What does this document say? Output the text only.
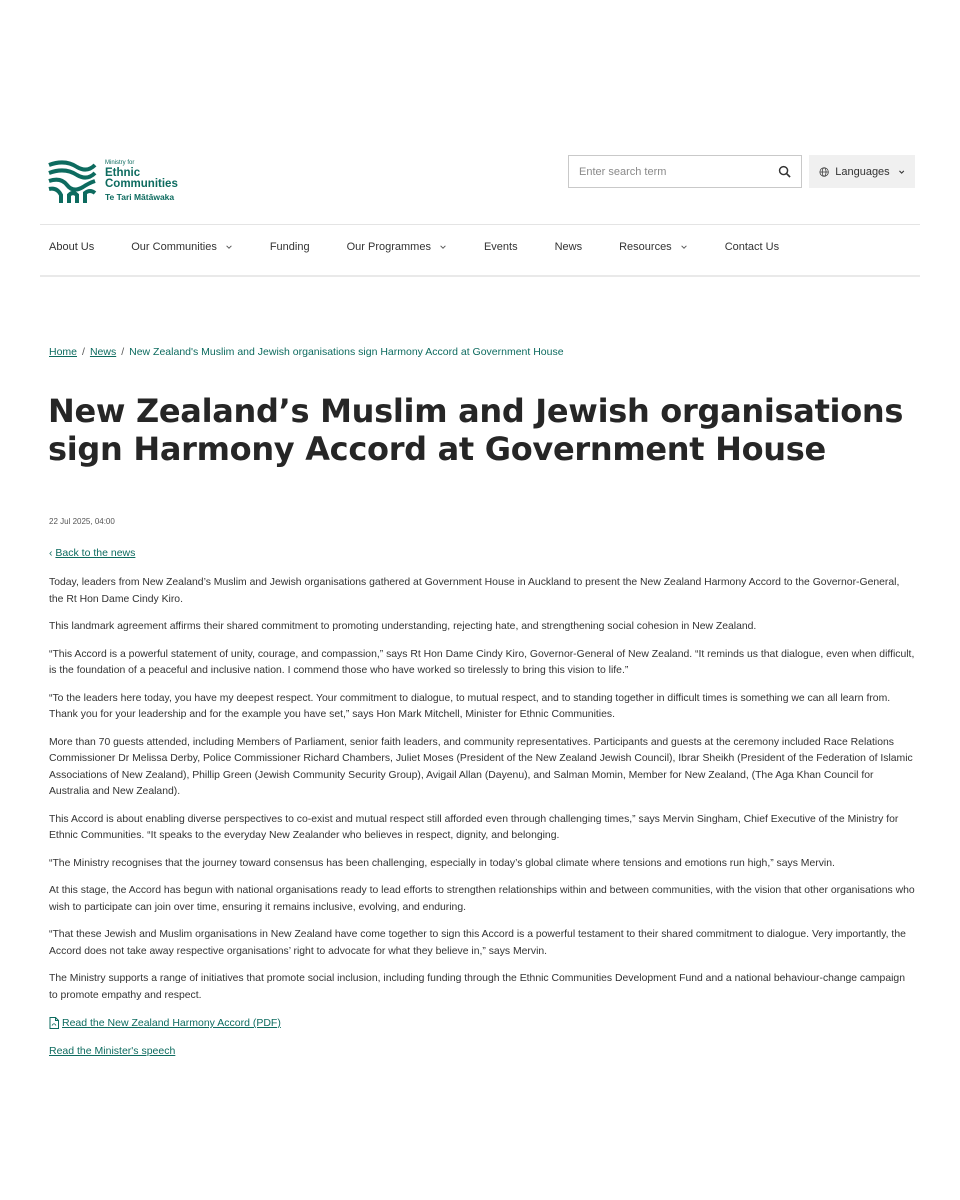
Ministry for
Ethnic
Communities
Te Tari Mātāwaka
Enter search term
Languages
About Us	Our Communities	Funding	Our Programmes	Events	News	Resources	Contact Us
Home / News / New Zealand's Muslim and Jewish organisations sign Harmony Accord at Government House
New Zealand’s Muslim and Jewish organisations sign Harmony Accord at Government House
22 Jul 2025, 04:00
‹ Back to the news

Today, leaders from New Zealand’s Muslim and Jewish organisations gathered at Government House in Auckland to present the New Zealand Harmony Accord to the Governor-General, the Rt Hon Dame Cindy Kiro.

This landmark agreement affirms their shared commitment to promoting understanding, rejecting hate, and strengthening social cohesion in New Zealand.

“This Accord is a powerful statement of unity, courage, and compassion,” says Rt Hon Dame Cindy Kiro, Governor-General of New Zealand. “It reminds us that dialogue, even when difficult, is the foundation of a peaceful and inclusive nation. I commend those who have worked so tirelessly to bring this vision to life.”

“To the leaders here today, you have my deepest respect. Your commitment to dialogue, to mutual respect, and to standing together in difficult times is something we can all learn from. Thank you for your leadership and for the example you have set,” says Hon Mark Mitchell, Minister for Ethnic Communities.

More than 70 guests attended, including Members of Parliament, senior faith leaders, and community representatives. Participants and guests at the ceremony included Race Relations Commissioner Dr Melissa Derby, Police Commissioner Richard Chambers, Juliet Moses (President of the New Zealand Jewish Council), Ibrar Sheikh (President of the Federation of Islamic Associations of New Zealand), Phillip Green (Jewish Community Security Group), Avigail Allan (Dayenu), and Salman Momin, Member for New Zealand, (The Aga Khan Council for Australia and New Zealand).

This Accord is about enabling diverse perspectives to co-exist and mutual respect still afforded even through challenging times,” says Mervin Singham, Chief Executive of the Ministry for Ethnic Communities. “It speaks to the everyday New Zealander who believes in respect, dignity, and belonging.

“The Ministry recognises that the journey toward consensus has been challenging, especially in today’s global climate where tensions and emotions run high,” says Mervin.

At this stage, the Accord has begun with national organisations ready to lead efforts to strengthen relationships within and between communities, with the vision that other organisations who wish to participate can join over time, ensuring it remains inclusive, evolving, and enduring.

“That these Jewish and Muslim organisations in New Zealand have come together to sign this Accord is a powerful testament to their shared commitment to dialogue. Very importantly, the Accord does not take away respective organisations’ right to advocate for what they believe in,” says Mervin.

The Ministry supports a range of initiatives that promote social inclusion, including funding through the Ethnic Communities Development Fund and a national behaviour-change campaign to promote empathy and respect.

Read the New Zealand Harmony Accord (PDF)

Read the Minister's speech
